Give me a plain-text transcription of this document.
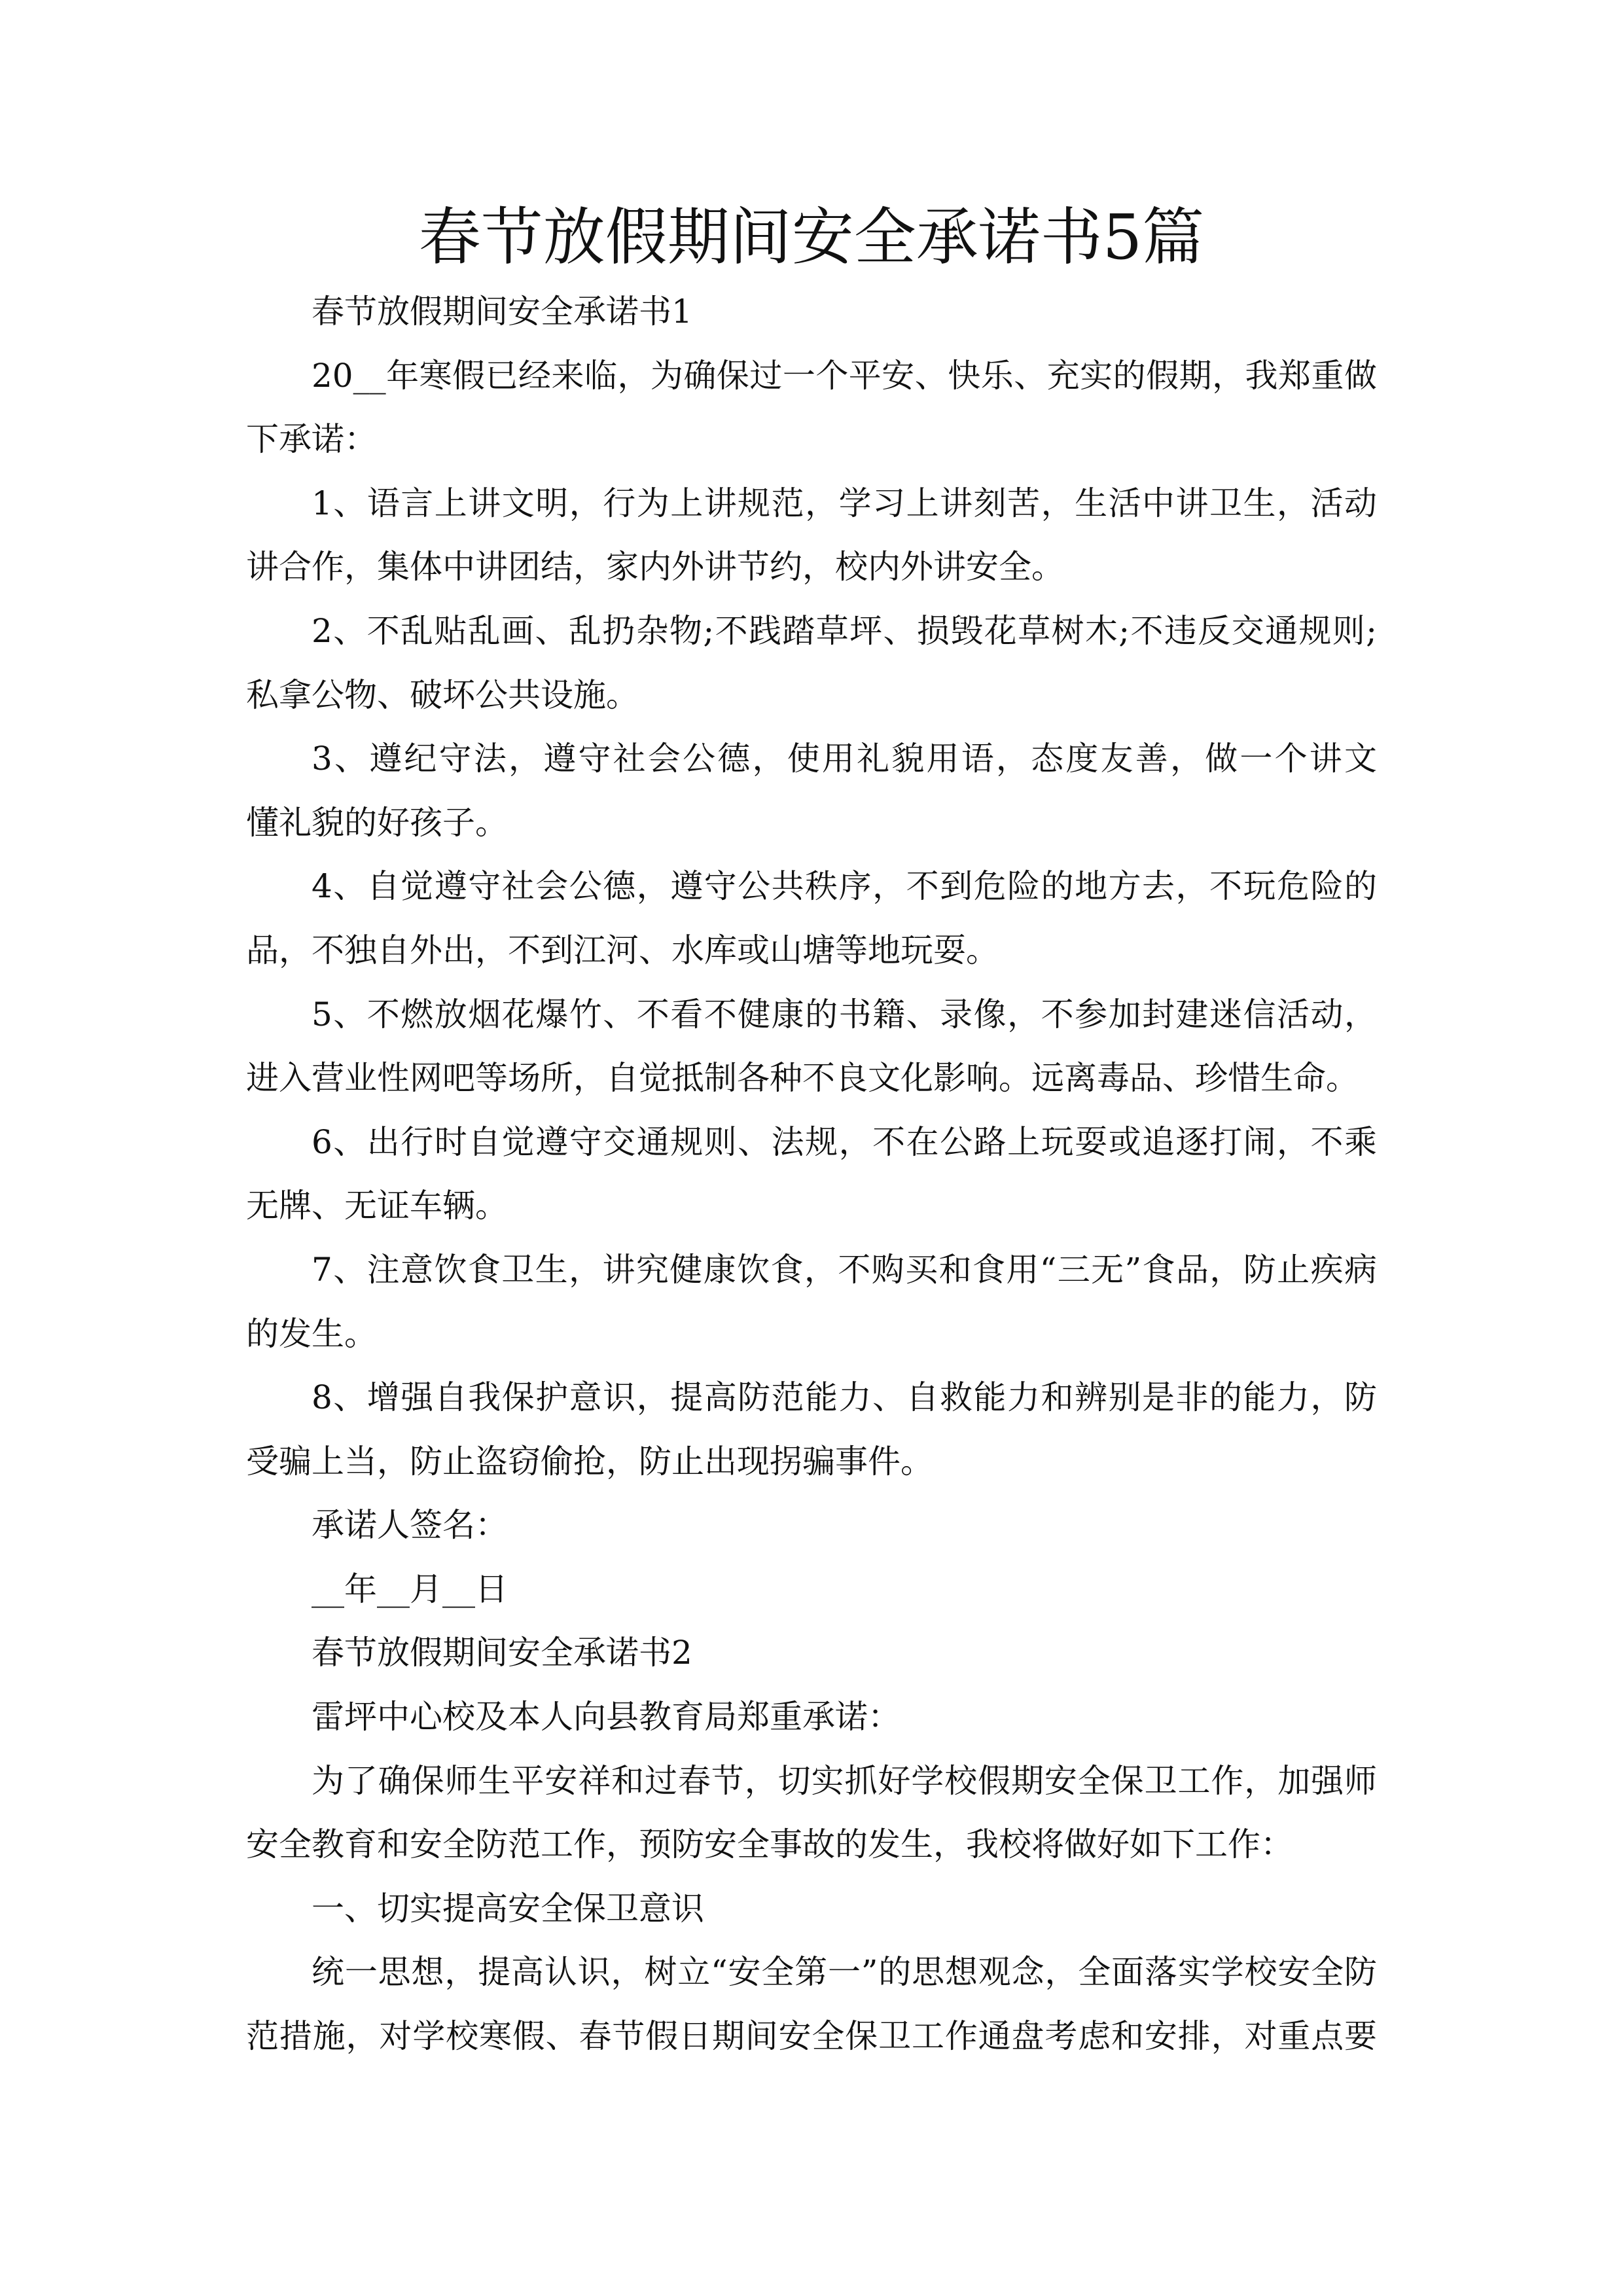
春节放假期间安全承诺书5篇
春节放假期间安全承诺书1
20__年寒假已经来临，为确保过一个平安、快乐、充实的假期，我郑重做
下承诺：
1、语言上讲文明，行为上讲规范，学习上讲刻苦，生活中讲卫生，活动
讲合作，集体中讲团结，家内外讲节约，校内外讲安全。
2、不乱贴乱画、乱扔杂物;不践踏草坪、损毁花草树木;不违反交通规则;
私拿公物、破坏公共设施。
3、遵纪守法，遵守社会公德，使用礼貌用语，态度友善，做一个讲文
懂礼貌的好孩子。
4、自觉遵守社会公德，遵守公共秩序，不到危险的地方去，不玩危险的
品，不独自外出，不到江河、水库或山塘等地玩耍。
5、不燃放烟花爆竹、不看不健康的书籍、录像，不参加封建迷信活动，
进入营业性网吧等场所，自觉抵制各种不良文化影响。远离毒品、珍惜生命。
6、出行时自觉遵守交通规则、法规，不在公路上玩耍或追逐打闹，不乘
无牌、无证车辆。
7、注意饮食卫生，讲究健康饮食，不购买和食用“三无”食品，防止疾病
的发生。
8、增强自我保护意识，提高防范能力、自救能力和辨别是非的能力，防
受骗上当，防止盗窃偷抢，防止出现拐骗事件。
承诺人签名：
__年__月__日
春节放假期间安全承诺书2
雷坪中心校及本人向县教育局郑重承诺：
为了确保师生平安祥和过春节，切实抓好学校假期安全保卫工作，加强师
安全教育和安全防范工作，预防安全事故的发生，我校将做好如下工作：
一、切实提高安全保卫意识
统一思想，提高认识，树立“安全第一”的思想观念，全面落实学校安全防
范措施，对学校寒假、春节假日期间安全保卫工作通盘考虑和安排，对重点要
